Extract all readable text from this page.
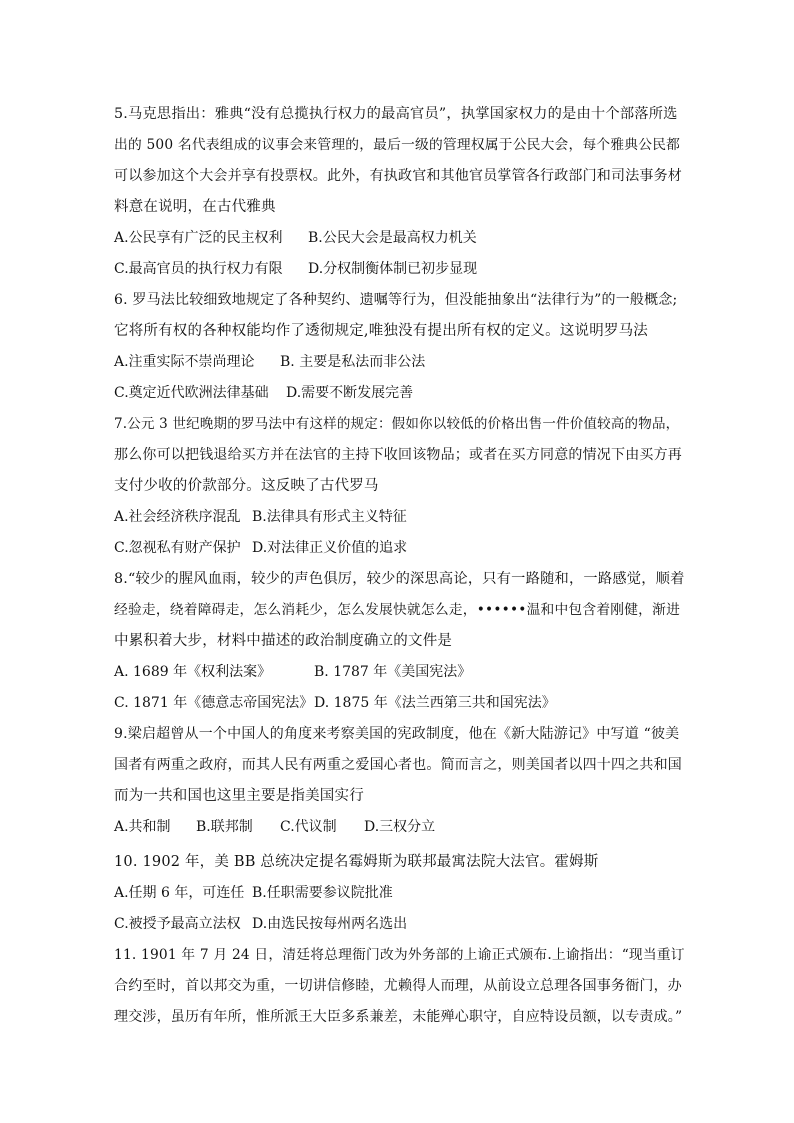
5.马克思指出：雅典“没有总揽执行权力的最高官员”，执掌国家权力的是由十个部落所选
出的 500 名代表组成的议事会来管理的，最后一级的管理权属于公民大会，每个雅典公民都
可以参加这个大会并享有投票权。此外，有执政官和其他官员掌管各行政部门和司法事务材
料意在说明，在古代雅典
A.公民享有广泛的民主权利 B.公民大会是最高权力机关
C.最高官员的执行权力有限 D.分权制衡体制已初步显现
6. 罗马法比较细致地规定了各种契约、遗嘱等行为，但没能抽象出“法律行为”的一般概念;
它将所有权的各种权能均作了透彻规定,唯独没有提出所有权的定义。这说明罗马法
A.注重实际不崇尚理论 B. 主要是私法而非公法
C.奠定近代欧洲法律基础 D.需要不断发展完善
7.公元 3 世纪晚期的罗马法中有这样的规定：假如你以较低的价格出售一件价值较高的物品，
那么你可以把钱退给买方并在法官的主持下收回该物品；或者在买方同意的情况下由买方再
支付少收的价款部分。这反映了古代罗马
A.社会经济秩序混乱 B.法律具有形式主义特征
C.忽视私有财产保护 D.对法律正义价值的追求
8.“较少的腥风血雨，较少的声色俱厉，较少的深思高论，只有一路随和，一路感觉，顺着
经验走，绕着障碍走，怎么消耗少，怎么发展快就怎么走，••••••温和中包含着刚健，渐进
中累积着大步，材料中描述的政治制度确立的文件是
A. 1689 年《权利法案》	B. 1787 年《美国宪法》
C. 1871 年《德意志帝国宪法》 D. 1875 年《法兰西第三共和国宪法》
9.梁启超曾从一个中国人的角度来考察美国的宪政制度，他在《新大陆游记》中写道 “彼美
国者有两重之政府，而其人民有两重之爱国心者也。简而言之，则美国者以四十四之共和国
而为一共和国也这里主要是指美国实行
A.共和制 B.联邦制 C.代议制 D.三权分立
10. 1902 年，美 BB 总统决定提名霉姆斯为联邦最寓法院大法官。霍姆斯
A.任期 6 年，可连任 B.任职需要参议院批准
C.被授予最高立法权 D.由选民按每州两名选出
11. 1901 年 7 月 24 日，清廷将总理衙门改为外务部的上谕正式颁布.上谕指出：“现当重订
合约至时，首以邦交为重，一切讲信修睦，尤赖得人而理，从前设立总理各国事务衙门，办
理交涉，虽历有年所，惟所派王大臣多系兼差，未能殚心职守，自应特设员额，以专责成。”
